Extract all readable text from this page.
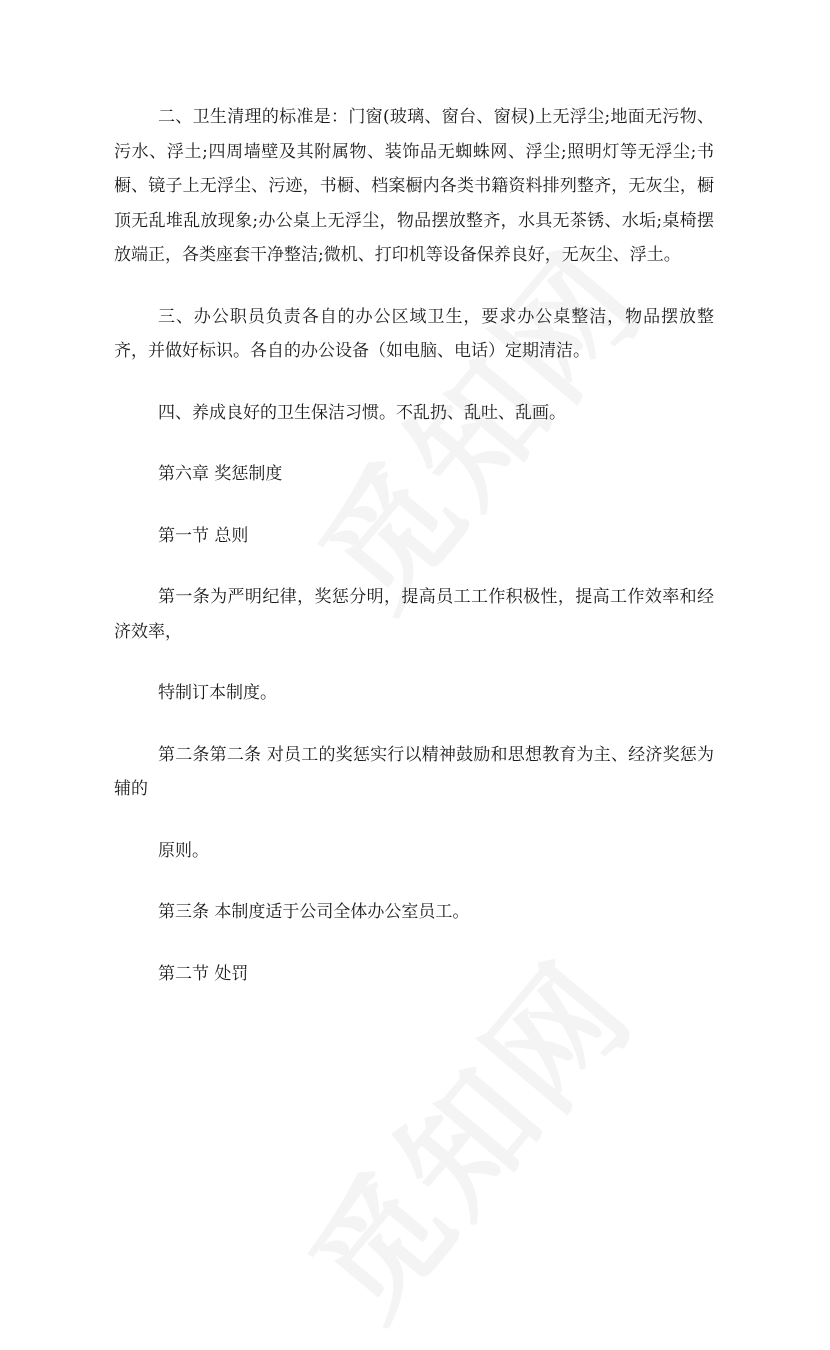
二、卫生清理的标准是：门窗(玻璃、窗台、窗棂)上无浮尘;地面无污物、污水、浮土;四周墙壁及其附属物、装饰品无蜘蛛网、浮尘;照明灯等无浮尘;书橱、镜子上无浮尘、污迹，书橱、档案橱内各类书籍资料排列整齐，无灰尘，橱顶无乱堆乱放现象;办公桌上无浮尘，物品摆放整齐，水具无茶锈、水垢;桌椅摆放端正，各类座套干净整洁;微机、打印机等设备保养良好，无灰尘、浮土。

三、办公职员负责各自的办公区域卫生，要求办公桌整洁，物品摆放整齐，并做好标识。各自的办公设备（如电脑、电话）定期清洁。

四、养成良好的卫生保洁习惯。不乱扔、乱吐、乱画。

第六章 奖惩制度

第一节 总则

第一条为严明纪律，奖惩分明，提高员工工作积极性，提高工作效率和经济效率，

特制订本制度。

第二条第二条 对员工的奖惩实行以精神鼓励和思想教育为主、经济奖惩为辅的

原则。

第三条 本制度适于公司全体办公室员工。

第二节 处罚
